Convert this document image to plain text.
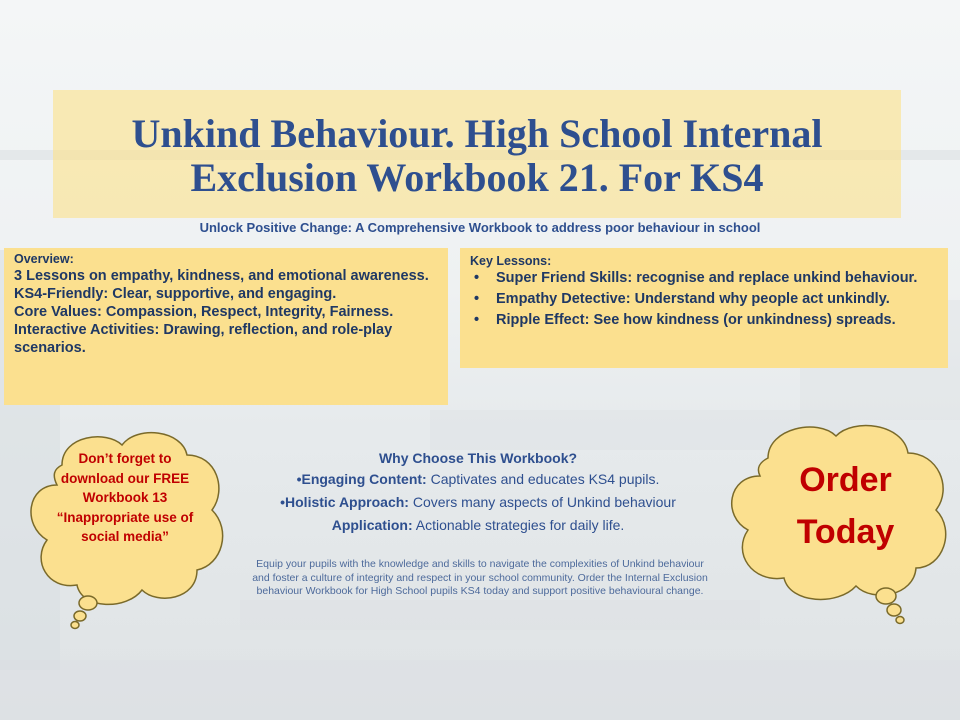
Unkind Behaviour. High School Internal Exclusion Workbook 21. For KS4
Unlock Positive Change: A Comprehensive Workbook to address poor behaviour in school
Overview:
3 Lessons on empathy, kindness, and emotional awareness.
KS4-Friendly: Clear, supportive, and engaging.
Core Values: Compassion, Respect, Integrity, Fairness.
Interactive Activities: Drawing, reflection, and role-play scenarios.
Key Lessons:
• Super Friend Skills: recognise and replace unkind behaviour.
• Empathy Detective: Understand why people act unkindly.
• Ripple Effect: See how kindness (or unkindness) spreads.
Don’t forget to download our FREE Workbook 13 “Inappropriate use of social media”
Order Today
Why Choose This Workbook?
•Engaging Content: Captivates and educates KS4 pupils.
•Holistic Approach: Covers many aspects of Unkind behaviour
Application: Actionable strategies for daily life.
Equip your pupils with the knowledge and skills to navigate the complexities of Unkind behaviour and foster a culture of integrity and respect in your school community. Order the Internal Exclusion behaviour Workbook for High School pupils KS4 today and support positive behavioural change.
